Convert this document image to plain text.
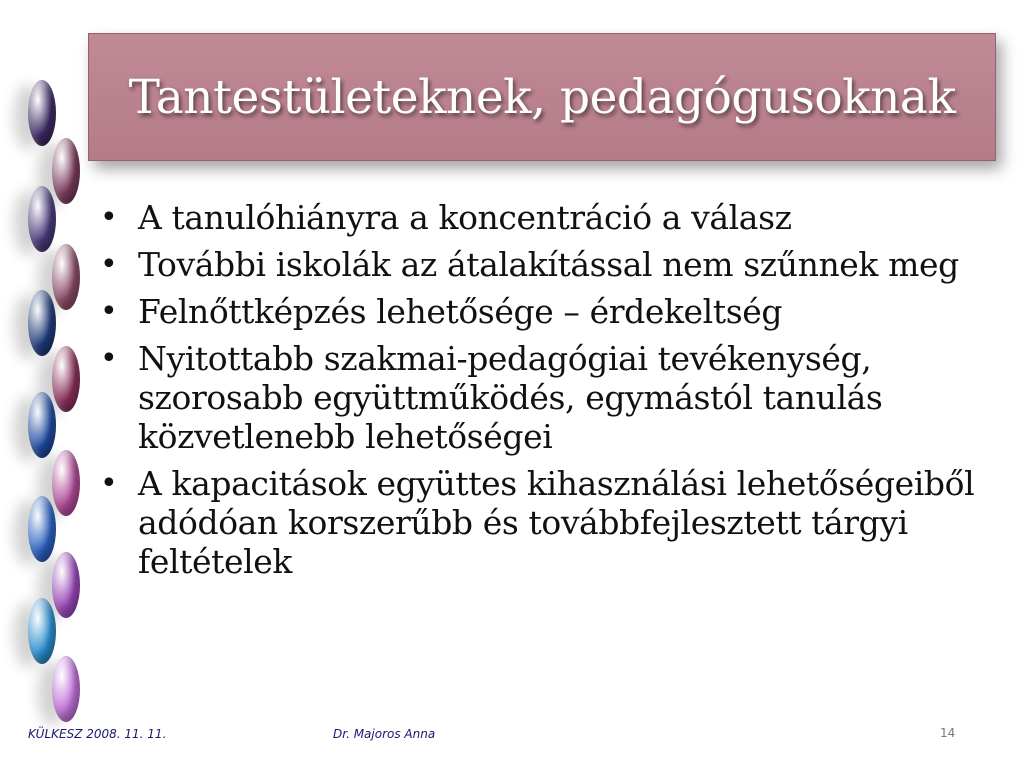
Tantestületeknek, pedagógusoknak
• A tanulóhiányra a koncentráció a válasz
• További iskolák az átalakítással nem szűnnek meg
• Felnőttképzés lehetősége – érdekeltség
• Nyitottabb szakmai-pedagógiai tevékenység, szorosabb együttműködés, egymástól tanulás közvetlenebb lehetőségei
• A kapacitások együttes kihasználási lehetőségeiből adódóan korszerűbb és továbbfejlesztett tárgyi feltételek
KÜLKESZ 2008. 11. 11.	Dr. Majoros Anna	14
